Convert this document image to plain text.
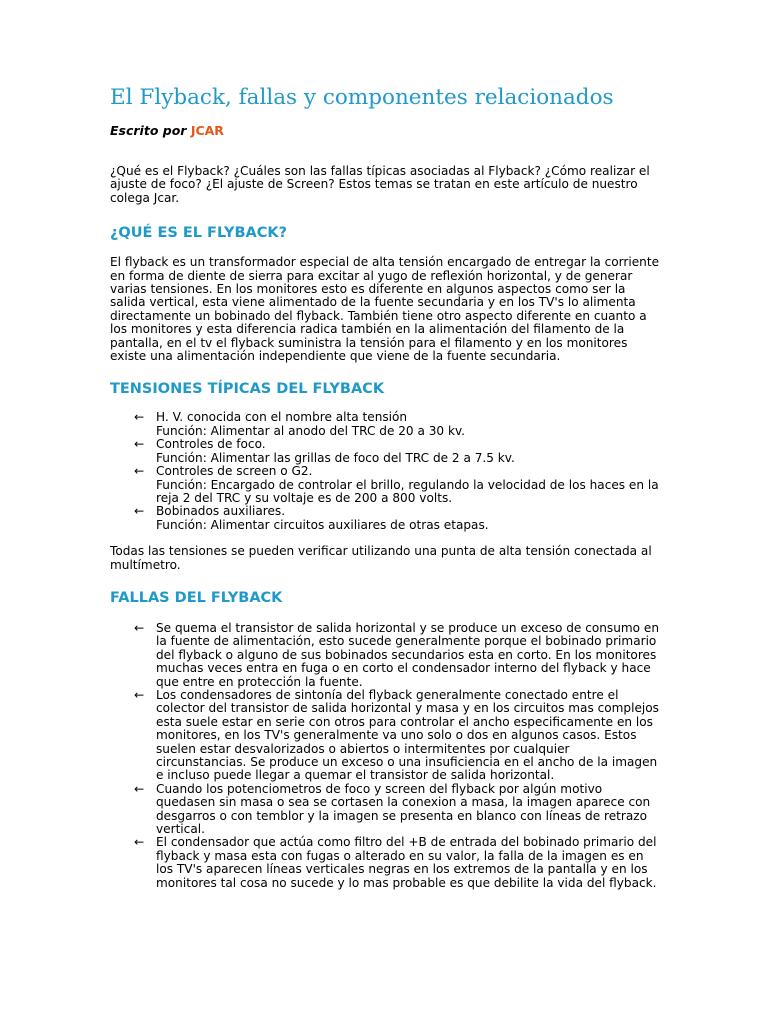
El Flyback, fallas y componentes relacionados

Escrito por JCAR

¿Qué es el Flyback? ¿Cuáles son las fallas típicas asociadas al Flyback? ¿Cómo realizar el ajuste de foco? ¿El ajuste de Screen? Estos temas se tratan en este artículo de nuestro colega Jcar.

¿QUÉ ES EL FLYBACK?

El flyback es un transformador especial de alta tensión encargado de entregar la corriente en forma de diente de sierra para excitar al yugo de reflexión horizontal, y de generar varias tensiones. En los monitores esto es diferente en algunos aspectos como ser la salida vertical, esta viene alimentado de la fuente secundaria y en los TV's lo alimenta directamente un bobinado del flyback. También tiene otro aspecto diferente en cuanto a los monitores y esta diferencia radica también en la alimentación del filamento de la pantalla, en el tv el flyback suministra la tensión para el filamento y en los monitores existe una alimentación independiente que viene de la fuente secundaria.

TENSIONES TÍPICAS DEL FLYBACK
← H. V. conocida con el nombre alta tensión
Función: Alimentar al anodo del TRC de 20 a 30 kv.
← Controles de foco.
Función: Alimentar las grillas de foco del TRC de 2 a 7.5 kv.
← Controles de screen o G2.
Función: Encargado de controlar el brillo, regulando la velocidad de los haces en la reja 2 del TRC y su voltaje es de 200 a 800 volts.
← Bobinados auxiliares.
Función: Alimentar circuitos auxiliares de otras etapas.

Todas las tensiones se pueden verificar utilizando una punta de alta tensión conectada al multímetro.

FALLAS DEL FLYBACK
← Se quema el transistor de salida horizontal y se produce un exceso de consumo en la fuente de alimentación, esto sucede generalmente porque el bobinado primario del flyback o alguno de sus bobinados secundarios esta en corto. En los monitores muchas veces entra en fuga o en corto el condensador interno del flyback y hace que entre en protección la fuente.
← Los condensadores de sintonía del flyback generalmente conectado entre el colector del transistor de salida horizontal y masa y en los circuitos mas complejos esta suele estar en serie con otros para controlar el ancho especificamente en los monitores, en los TV's generalmente va uno solo o dos en algunos casos. Estos suelen estar desvalorizados o abiertos o intermitentes por cualquier circunstancias. Se produce un exceso o una insuficiencia en el ancho de la imagen e incluso puede llegar a quemar el transistor de salida horizontal.
← Cuando los potenciometros de foco y screen del flyback por algún motivo quedasen sin masa o sea se cortasen la conexion a masa, la imagen aparece con desgarros o con temblor y la imagen se presenta en blanco con líneas de retrazo vertical.
← El condensador que actúa como filtro del +B de entrada del bobinado primario del flyback y masa esta con fugas o alterado en su valor, la falla de la imagen es en los TV's aparecen líneas verticales negras en los extremos de la pantalla y en los monitores tal cosa no sucede y lo mas probable es que debilite la vida del flyback.
